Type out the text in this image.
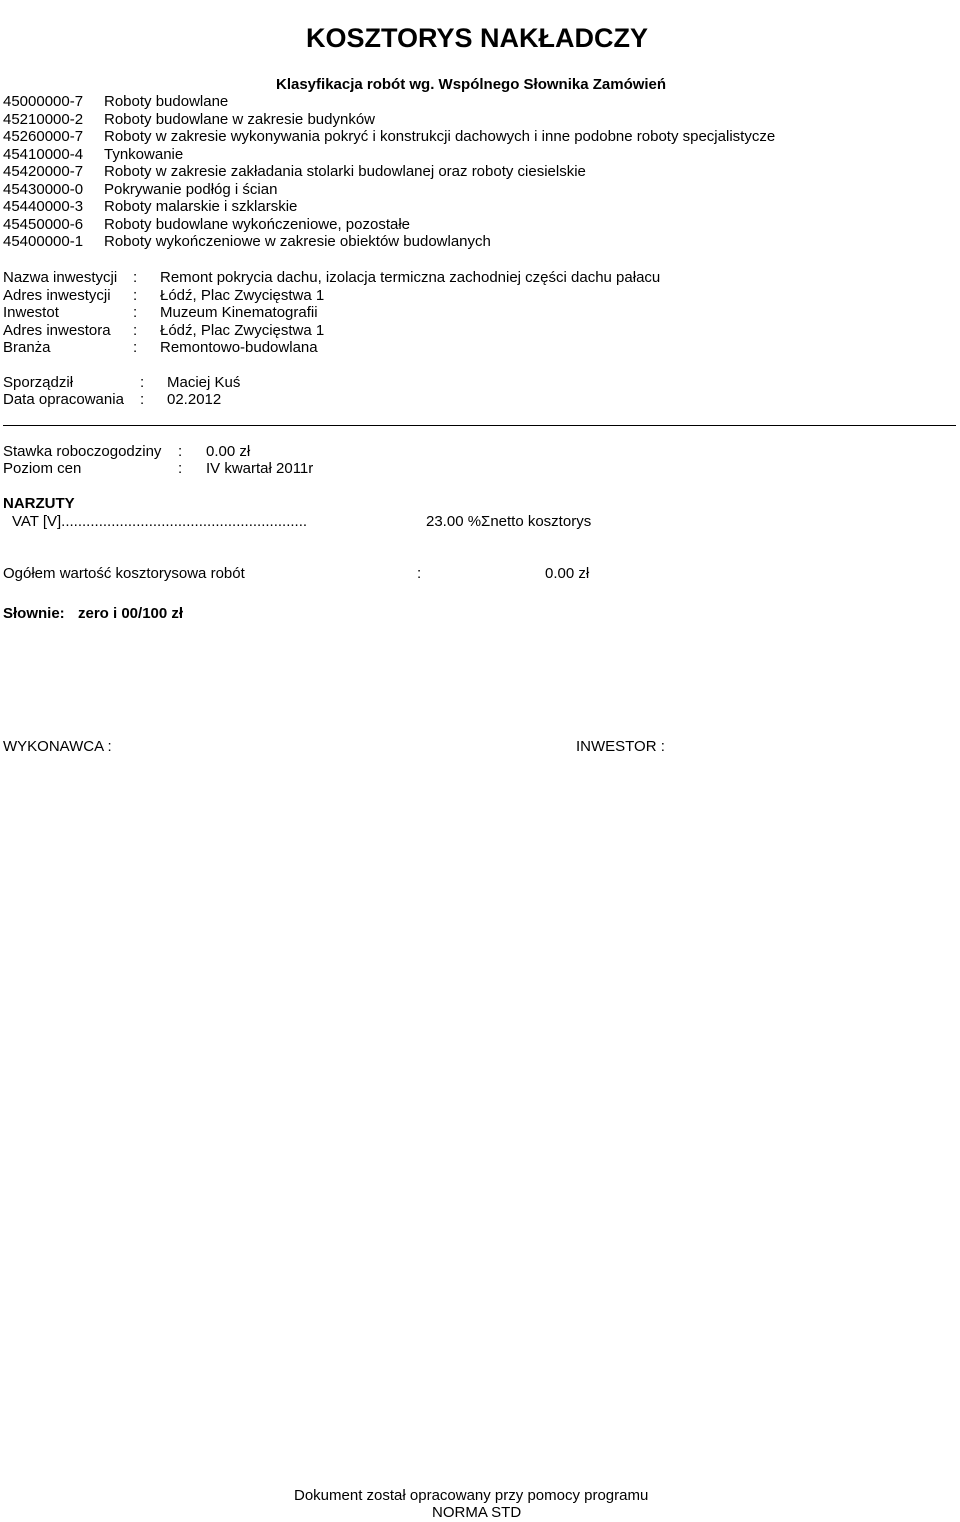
KOSZTORYS NAKŁADCZY
Klasyfikacja robót wg. Wspólnego Słownika Zamówień
45000000-7 Roboty budowlane
45210000-2 Roboty budowlane w zakresie budynków
45260000-7 Roboty w zakresie wykonywania pokryć i konstrukcji dachowych i inne podobne roboty specjalistycze
45410000-4 Tynkowanie
45420000-7 Roboty w zakresie zakładania stolarki budowlanej oraz roboty ciesielskie
45430000-0 Pokrywanie podłóg i ścian
45440000-3 Roboty malarskie i szklarskie
45450000-6 Roboty budowlane wykończeniowe, pozostałe
45400000-1 Roboty wykończeniowe w zakresie obiektów budowlanych
Nazwa inwestycji : Remont pokrycia dachu, izolacja termiczna zachodniej części dachu pałacu
Adres inwestycji : Łódź, Plac Zwycięstwa 1
Inwestot	: Muzeum Kinematografii
Adres inwestora : Łódź, Plac Zwycięstwa 1
Branża	: Remontowo-budowlana
Sporządził	: Maciej Kuś
Data opracowania : 02.2012
Stawka roboczogodziny : 0.00 zł
Poziom cen	: IV kwartał 2011r
NARZUTY
VAT [V]...........................................................	23.00 %Σnetto kosztorys
Ogółem wartość kosztorysowa robót	:	0.00 zł
Słownie: zero i 00/100 zł
WYKONAWCA :	INWESTOR :
Dokument został opracowany przy pomocy programu
NORMA STD
